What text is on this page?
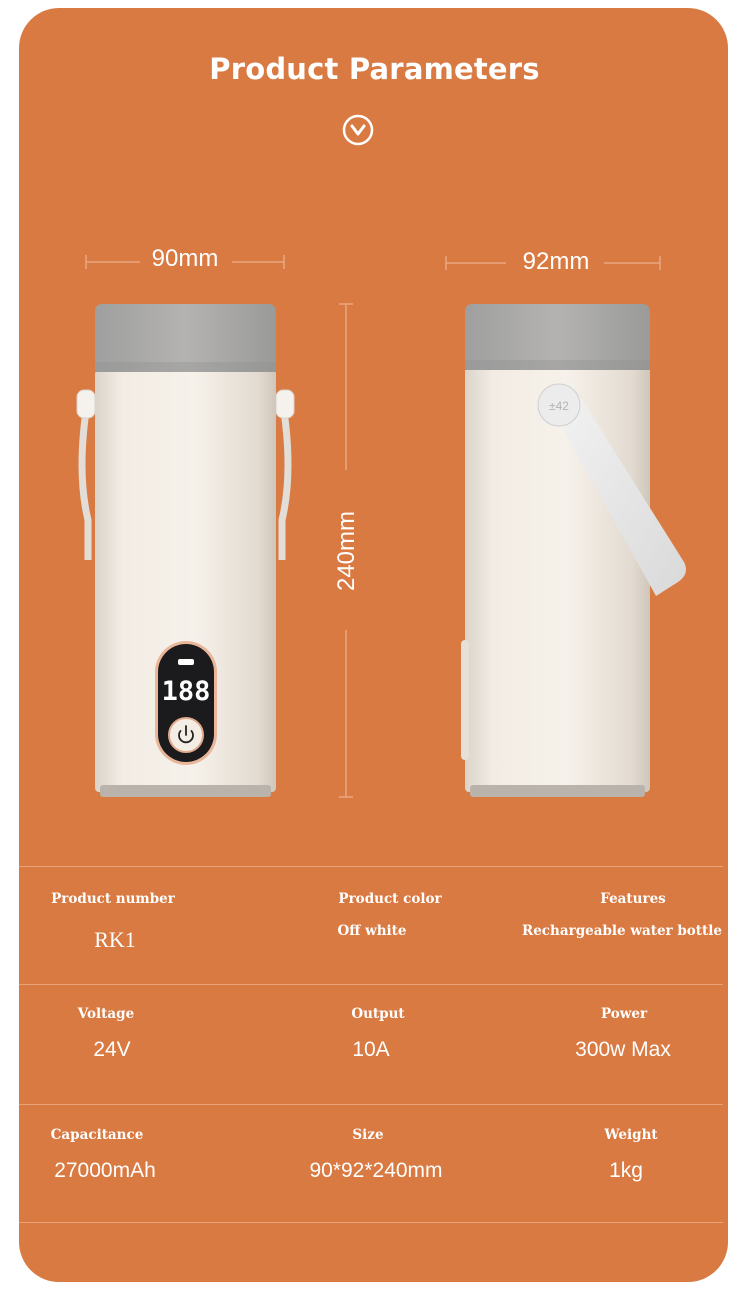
Product Parameters
90mm	92mm
240mm
188
±42
Product number
RK1
Product color
Off white
Features
Rechargeable water bottle
Voltage
24V
Output
10A
Power
300w Max
Capacitance
27000mAh
Size
90*92*240mm
Weight
1kg
